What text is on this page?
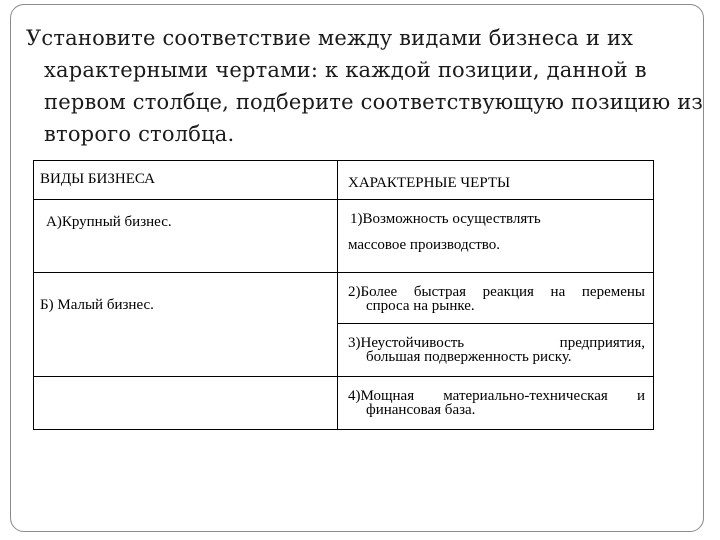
Установите соответствие между видами бизнеса и их характерными чертами: к каждой позиции, данной в первом столбце, подберите соответствующую позицию из второго столбца.

ВИДЫ БИЗНЕСА	ХАРАКТЕРНЫЕ ЧЕРТЫ

А)Крупный бизнес.	1)Возможность осуществлять
массовое производство.

Б) Малый бизнес.	2)Более быстрая реакция на перемены
спроса на рынке.

	3)Неустойчивость предприятия,
большая подверженность риску.

	4)Мощная материально-техническая и
финансовая база.
